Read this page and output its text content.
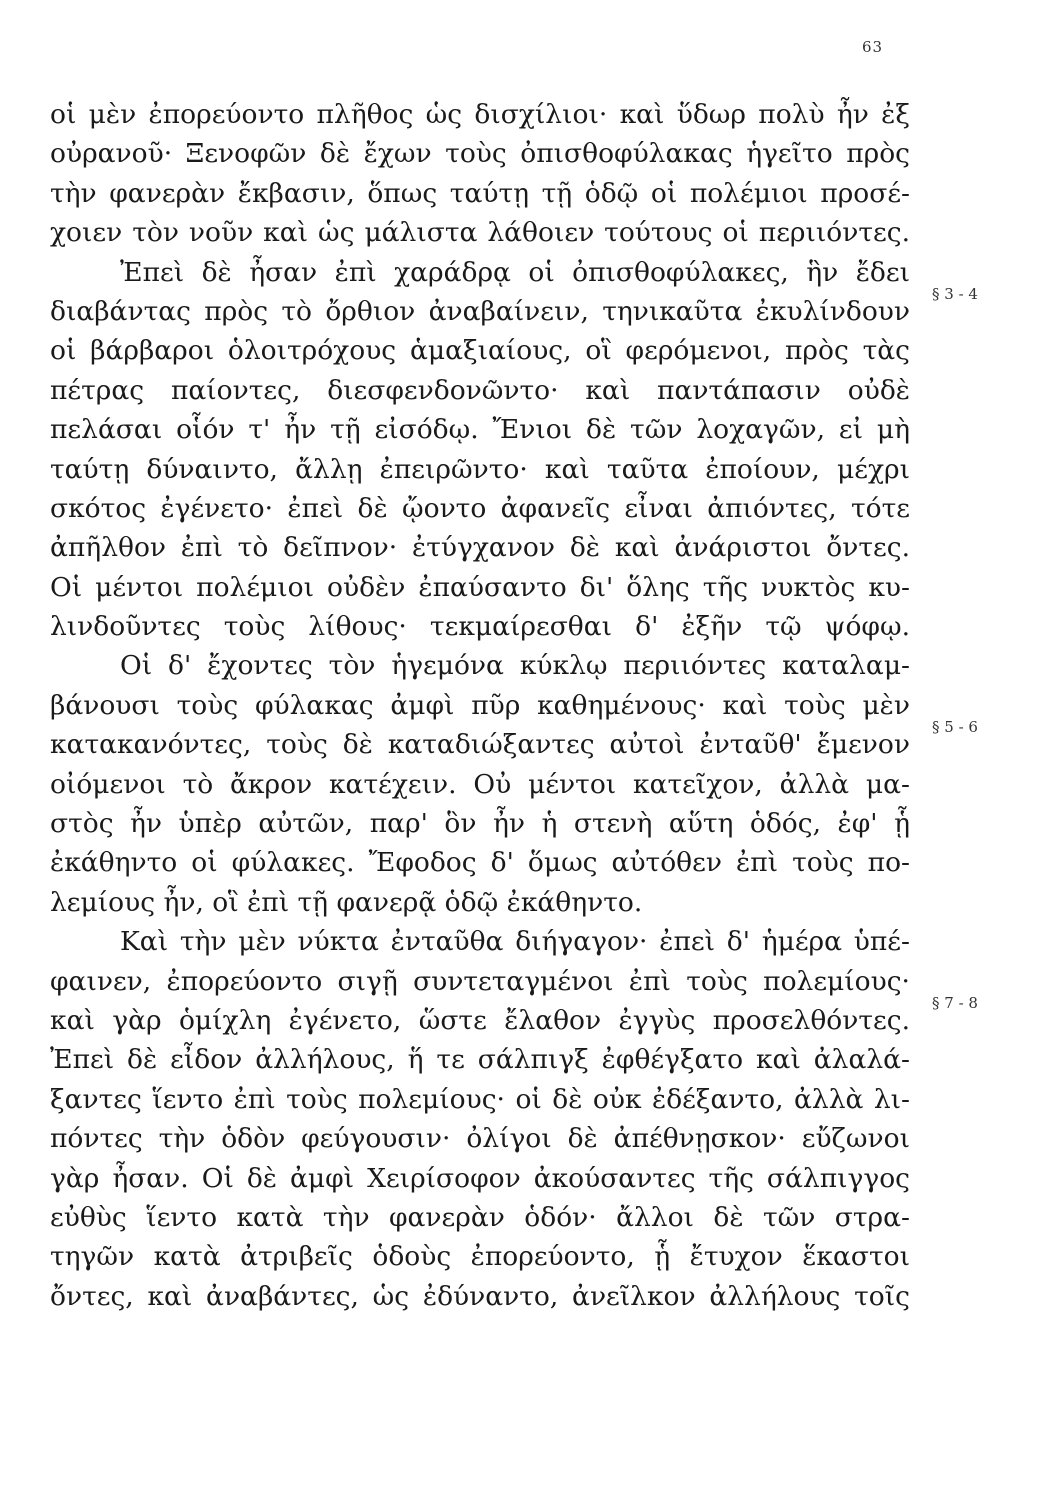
63
οἱ μὲν ἐπορεύοντο πλῆθος ὡς δισχίλιοι· καὶ ὕδωρ πολὺ ἦν ἐξ
οὐρανοῦ· Ξενοφῶν δὲ ἔχων τοὺς ὀπισθοφύλακας ἡγεῖτο πρὸς
τὴν φανερὰν ἔκβασιν, ὅπως ταύτῃ τῇ ὁδῷ οἱ πολέμιοι προσέ-
χοιεν τὸν νοῦν καὶ ὡς μάλιστα λάθοιεν τούτους οἱ περιιόντες.
Ἐπεὶ δὲ ἦσαν ἐπὶ χαράδρᾳ οἱ ὀπισθοφύλακες, ἣν ἔδει
διαβάντας πρὸς τὸ ὄρθιον ἀναβαίνειν, τηνικαῦτα ἐκυλίνδουν
οἱ βάρβαροι ὁλοιτρόχους ἁμαξιαίους, οἳ φερόμενοι, πρὸς τὰς
πέτρας παίοντες, διεσφενδονῶντο· καὶ παντάπασιν οὐδὲ
πελάσαι οἷόν τ' ἦν τῇ εἰσόδῳ. Ἔνιοι δὲ τῶν λοχαγῶν, εἰ μὴ
ταύτῃ δύναιντο, ἄλλῃ ἐπειρῶντο· καὶ ταῦτα ἐποίουν, μέχρι
σκότος ἐγένετο· ἐπεὶ δὲ ᾤοντο ἀφανεῖς εἶναι ἀπιόντες, τότε
ἀπῆλθον ἐπὶ τὸ δεῖπνον· ἐτύγχανον δὲ καὶ ἀνάριστοι ὄντες.
Οἱ μέντοι πολέμιοι οὐδὲν ἐπαύσαντο δι' ὅλης τῆς νυκτὸς κυ-
λινδοῦντες τοὺς λίθους· τεκμαίρεσθαι δ' ἐξῆν τῷ ψόφῳ.
Οἱ δ' ἔχοντες τὸν ἡγεμόνα κύκλῳ περιιόντες καταλαμ-
βάνουσι τοὺς φύλακας ἀμφὶ πῦρ καθημένους· καὶ τοὺς μὲν
κατακανόντες, τοὺς δὲ καταδιώξαντες αὐτοὶ ἐνταῦθ' ἔμενον
οἰόμενοι τὸ ἄκρον κατέχειν. Οὐ μέντοι κατεῖχον, ἀλλὰ μα-
στὸς ἦν ὑπὲρ αὐτῶν, παρ' ὃν ἦν ἡ στενὴ αὕτη ὁδός, ἐφ' ᾗ
ἐκάθηντο οἱ φύλακες. Ἔφοδος δ' ὅμως αὐτόθεν ἐπὶ τοὺς πο-
λεμίους ἦν, οἳ ἐπὶ τῇ φανερᾷ ὁδῷ ἐκάθηντο.
Καὶ τὴν μὲν νύκτα ἐνταῦθα διήγαγον· ἐπεὶ δ' ἡμέρα ὑπέ-
φαινεν, ἐπορεύοντο σιγῇ συντεταγμένοι ἐπὶ τοὺς πολεμίους·
καὶ γὰρ ὁμίχλη ἐγένετο, ὥστε ἔλαθον ἐγγὺς προσελθόντες.
Ἐπεὶ δὲ εἶδον ἀλλήλους, ἥ τε σάλπιγξ ἐφθέγξατο καὶ ἀλαλά-
ξαντες ἵεντο ἐπὶ τοὺς πολεμίους· οἱ δὲ οὐκ ἐδέξαντο, ἀλλὰ λι-
πόντες τὴν ὁδὸν φεύγουσιν· ὀλίγοι δὲ ἀπέθνῃσκον· εὔζωνοι
γὰρ ἦσαν. Οἱ δὲ ἀμφὶ Χειρίσοφον ἀκούσαντες τῆς σάλπιγγος
εὐθὺς ἵεντο κατὰ τὴν φανερὰν ὁδόν· ἄλλοι δὲ τῶν στρα-
τηγῶν κατὰ ἀτριβεῖς ὁδοὺς ἐπορεύοντο, ᾗ ἔτυχον ἕκαστοι
ὄντες, καὶ ἀναβάντες, ὡς ἐδύναντο, ἀνεῖλκον ἀλλήλους τοῖς
§ 3 - 4
§ 5 - 6
§ 7 - 8
